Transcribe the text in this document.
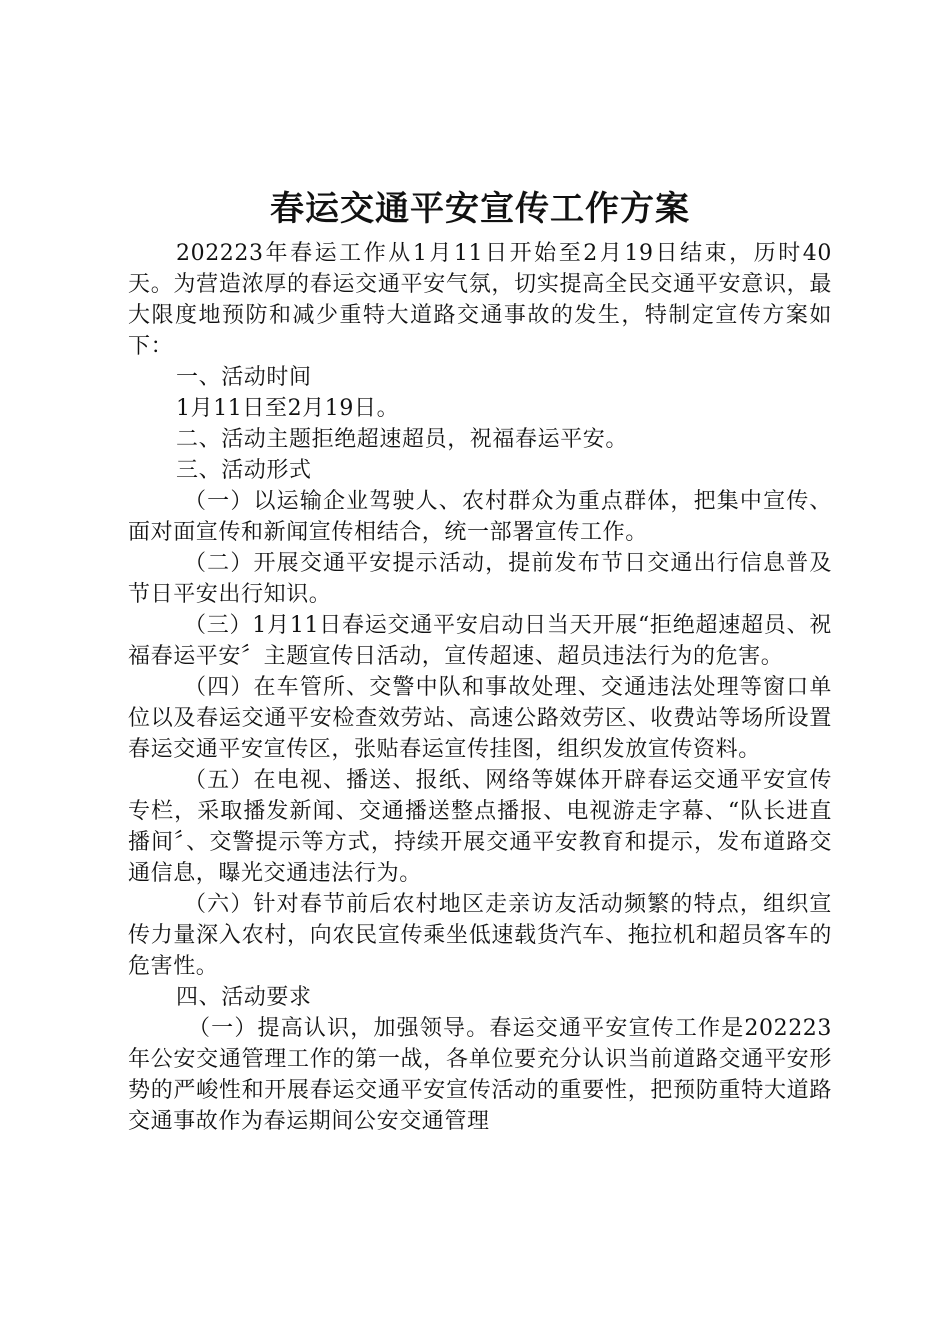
春运交通平安宣传工作方案

202223年春运工作从1月11日开始至2月19日结束，历时40天。为营造浓厚的春运交通平安气氛，切实提高全民交通平安意识，最大限度地预防和减少重特大道路交通事故的发生，特制定宣传方案如下：

一、活动时间

1月11日至2月19日。

二、活动主题拒绝超速超员，祝福春运平安。

三、活动形式

（一）以运输企业驾驶人、农村群众为重点群体，把集中宣传、面对面宣传和新闻宣传相结合，统一部署宣传工作。

（二）开展交通平安提示活动，提前发布节日交通出行信息普及节日平安出行知识。

（三）1月11日春运交通平安启动日当天开展“拒绝超速超员、祝福春运平安〞主题宣传日活动，宣传超速、超员违法行为的危害。

（四）在车管所、交警中队和事故处理、交通违法处理等窗口单位以及春运交通平安检查效劳站、高速公路效劳区、收费站等场所设置春运交通平安宣传区，张贴春运宣传挂图，组织发放宣传资料。

（五）在电视、播送、报纸、网络等媒体开辟春运交通平安宣传专栏，采取播发新闻、交通播送整点播报、电视游走字幕、“队长进直播间〞、交警提示等方式，持续开展交通平安教育和提示，发布道路交通信息，曝光交通违法行为。

（六）针对春节前后农村地区走亲访友活动频繁的特点，组织宣传力量深入农村，向农民宣传乘坐低速载货汽车、拖拉机和超员客车的危害性。

四、活动要求

（一）提高认识，加强领导。春运交通平安宣传工作是202223年公安交通管理工作的第一战，各单位要充分认识当前道路交通平安形势的严峻性和开展春运交通平安宣传活动的重要性，把预防重特大道路交通事故作为春运期间公安交通管理
